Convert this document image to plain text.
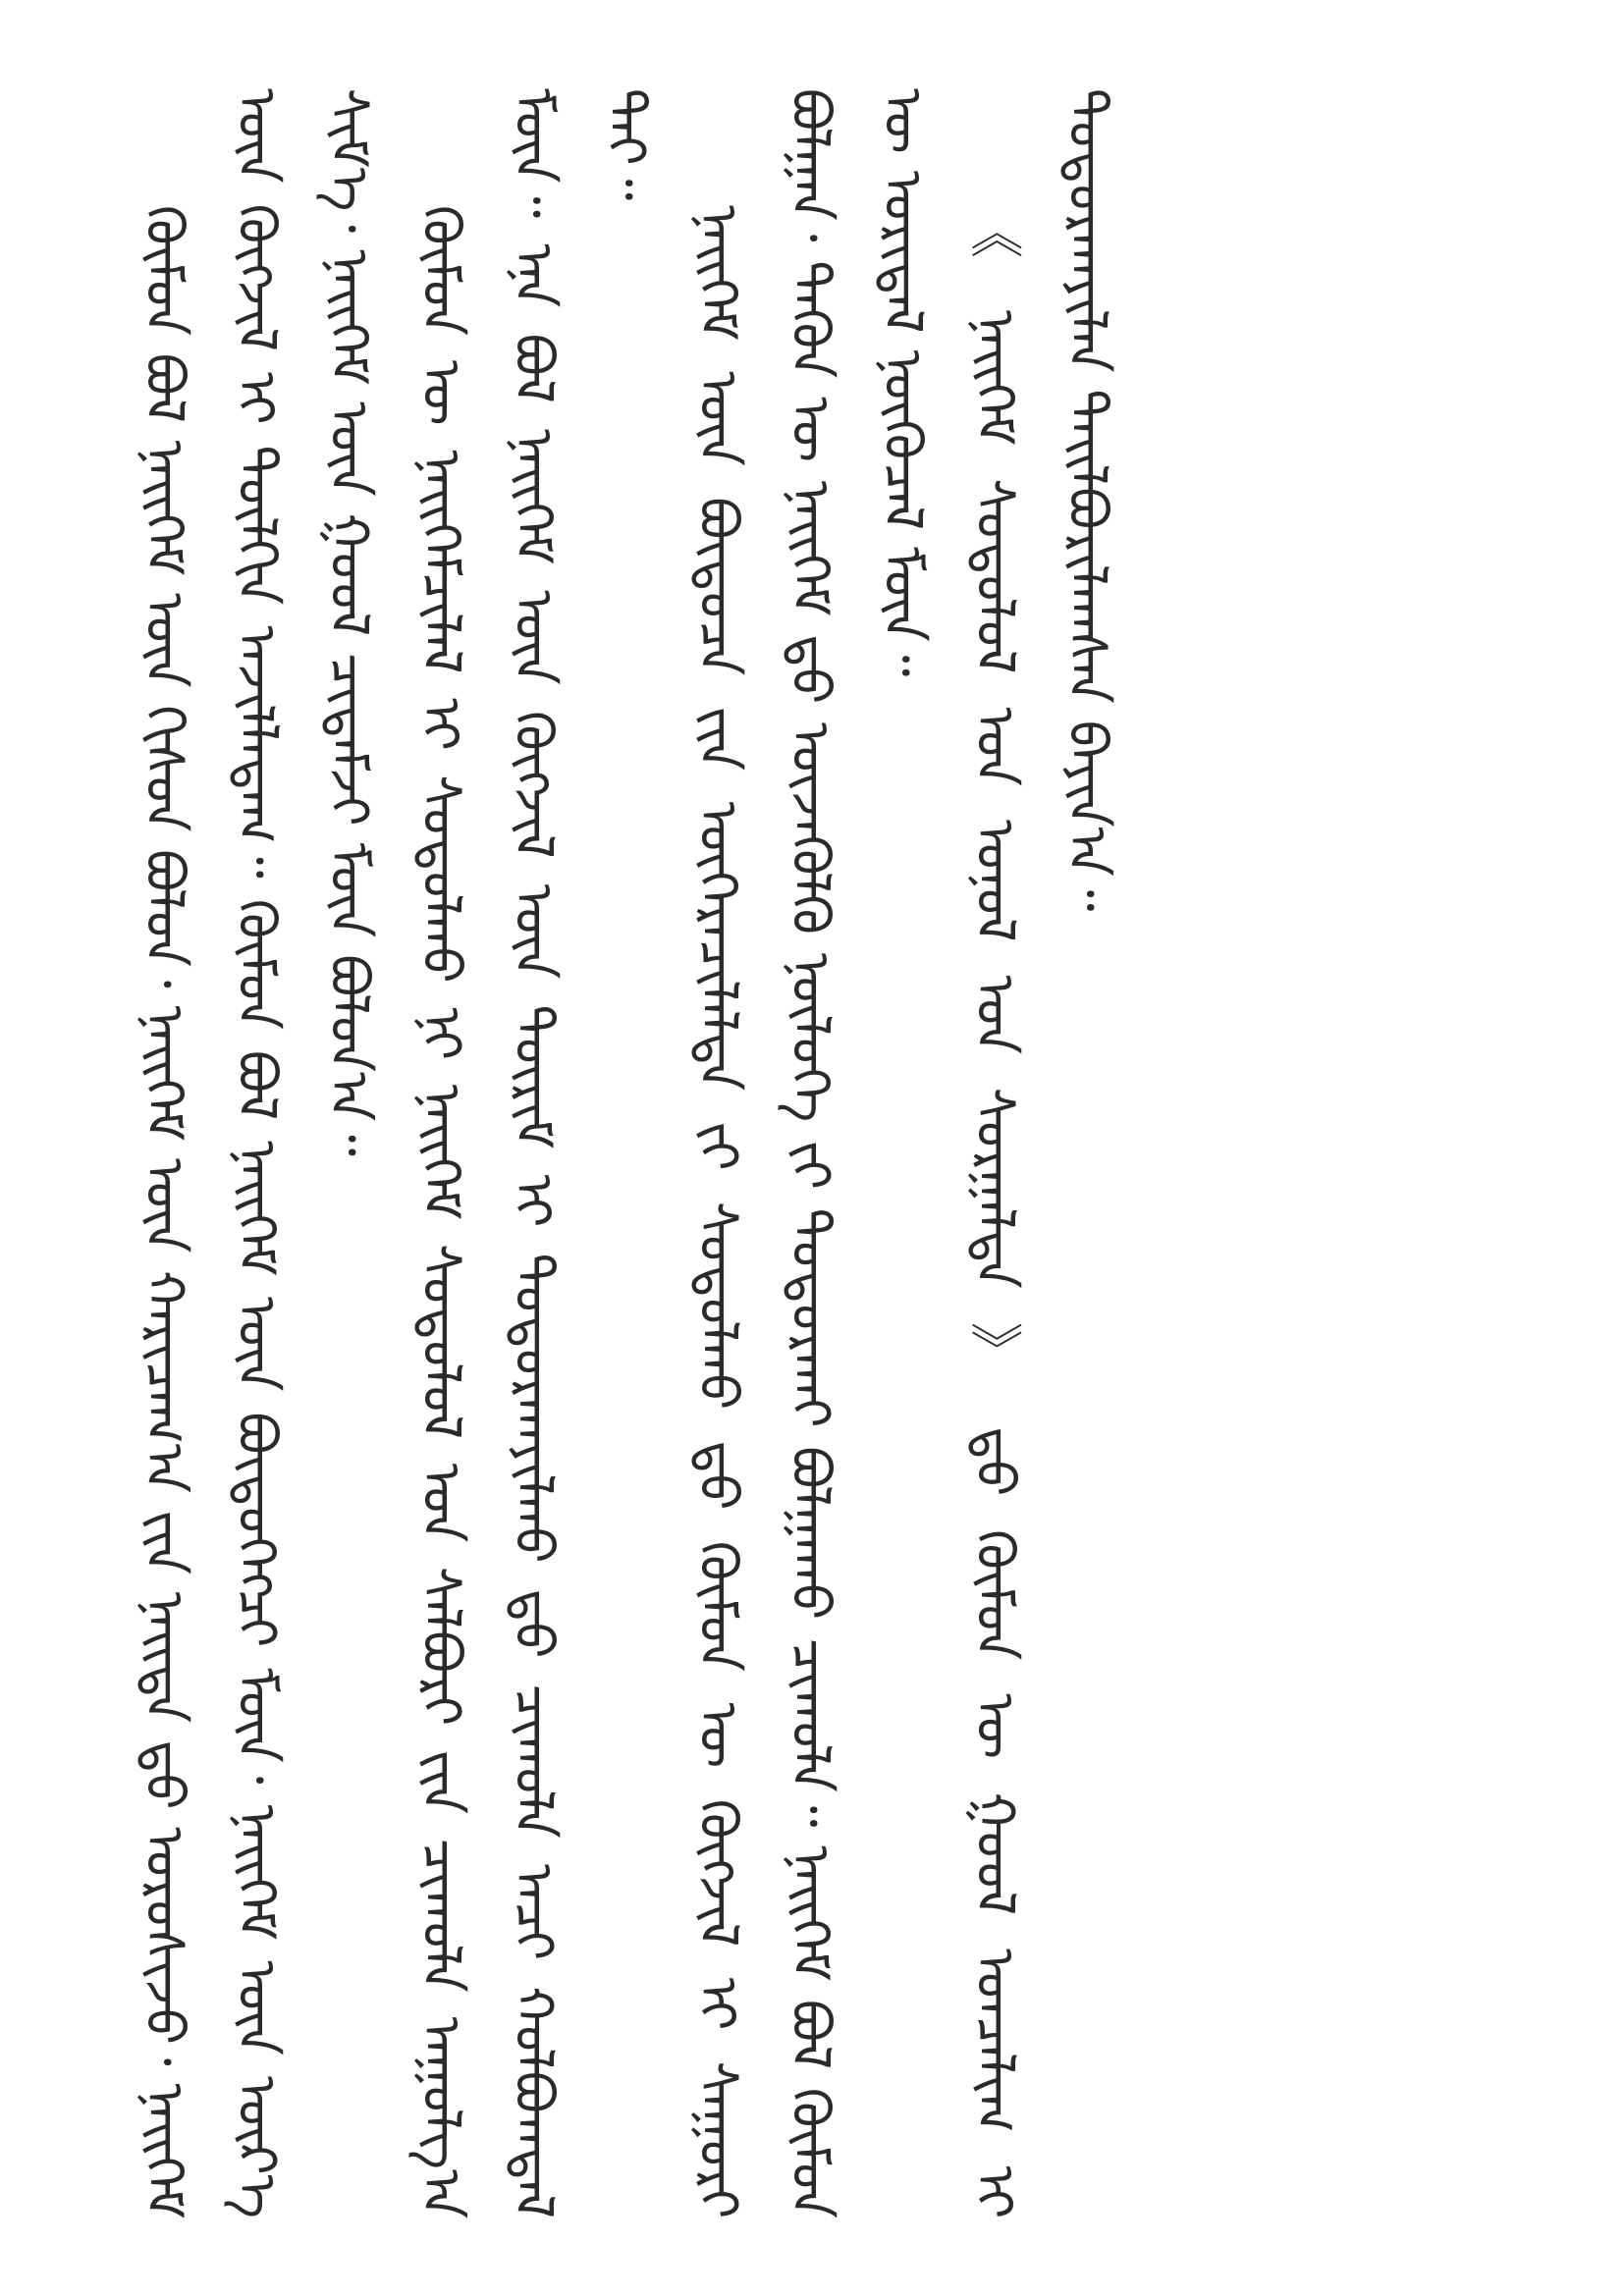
ᠬᠦᠮᠦᠨ ᠪᠣᠯ ᠨᠡᠢᠭᠡᠮ ᠦᠨ ᠭᠢᠰᠦᠨ ᠪᠣᠯᠤᠨ᠂ ᠨᠡᠢᠭᠡᠮ ᠦᠨ ᠬᠠᠷᠢᠴᠠᠭ᠎ᠠ ᠶ᠋ᠢᠨ ᠨᠡᠢᠲᠡ ᠳ᠋ᠦ ᠣᠷᠣᠰᠢᠵᠤ᠂ ᠨᠡᠢᠭᠡᠮ ᠦᠨ ᠬᠦᠭᠵᠢᠯ ᠢ ᠲᠦᠯᠬᠢᠨ ᠠᠵᠢᠯᠯᠠᠳᠠᠭ᠃ ᠬᠦᠮᠦᠨ ᠪᠣᠯ ᠨᠡᠢᠭᠡᠮ ᠦᠨ ᠪᠦᠲᠦᠭᠡᠭᠴᠢ ᠮᠥᠨ᠂ ᠨᠡᠢᠭᠡᠮ ᠦᠨ ᠦᠷ᠎ᠡ ᠰᠢᠮ᠎ᠡ᠂ ᠨᠡᠢᠭᠡᠮ ᠦᠨ ᠭᠣᠣᠯ ᠴᠢᠳᠠᠮᠵᠢ ᠮᠥᠨ ᠪᠣᠯᠤᠨ᠎ᠠ᠃ ᠬᠦᠮᠦᠨ ᠦ ᠨᠡᠢᠭᠡᠮᠴᠢᠯᠡᠯ ᠢ ᠰᠤᠳᠤᠯᠬᠤ ᠨᠢ ᠨᠡᠢᠭᠡᠮ ᠰᠤᠳᠤᠯᠤᠯ ᠤᠨ ᠰᠠᠯᠪᠤᠷᠢ ᠶ᠋ᠢᠨ ᠴᠢᠬᠤᠯᠠ ᠠᠭᠤᠯᠭ᠎ᠠ ᠮᠥᠨ᠃ ᠡᠨᠡ ᠪᠣᠯ ᠨᠡᠢᠭᠡᠮ ᠦᠨ ᠬᠥᠭᠵᠢᠯ ᠦᠨ ᠳᠦᠷᠢᠮ ᠢ ᠲᠣᠳᠣᠷᠬᠠᠶᠢᠯᠬᠤ ᠳ᠋ᠤ ᠴᠢᠬᠤᠯᠠ ᠠᠴᠢ ᠬᠣᠯᠪᠣᠭᠳᠠᠯ ᠲᠠᠢ᠃

ᠨᠡᠢᠭᠡᠮ ᠦᠨ ᠪᠦᠲᠦᠴᠡ ᠶ᠋ᠢᠨ ᠥᠭᠡᠷᠡᠴᠢᠯᠡᠯᠲᠡ ᠶ᠋ᠢ ᠰᠤᠳᠤᠯᠬᠤ ᠳ᠋ᠤ ᠬᠦᠮᠦᠨ ᠦ ᠬᠥᠭᠵᠢᠯ ᠢ ᠰᠠᠭᠤᠷᠢ ᠪᠣᠯᠭᠠᠨ᠂ ᠲᠡᠭᠦᠨ ᠦ ᠨᠡᠢᠭᠡᠮ ᠳ᠋ᠤ ᠦᠵᠡᠭᠦᠯᠬᠦ ᠨᠥᠯᠦᠭᠡ ᠶ᠋ᠢ ᠲᠣᠳᠣᠷᠬᠠᠢ ᠪᠣᠯᠭᠠᠬᠤ ᠴᠢᠬᠤᠯᠠ᠃ ᠨᠡᠢᠭᠡᠮ ᠪᠣᠯ ᠬᠦᠮᠦᠨ ᠦ ᠤᠷᠢᠳᠠᠯ ᠨᠥᠬᠦᠴᠡᠯ ᠮᠥᠨ᠃ 《 ᠨᠡᠢᠭᠡᠮ ᠰᠤᠳᠤᠯᠤᠯ ᠤᠨ ᠣᠨᠣᠯ ᠤᠨ ᠰᠤᠷᠭᠠᠯᠲᠠ 》 ᠳ᠋ᠤ ᠬᠦᠮᠦᠨ ᠦ ᠭᠣᠣᠯ ᠣᠨᠴᠠᠯᠢᠭ ᠢ ᠲᠣᠳᠣᠷᠬᠠᠶᠢᠯᠠᠨ ᠲᠠᠢᠯᠪᠤᠷᠢᠯᠠᠭᠰᠠᠨ ᠪᠠᠶᠢᠨ᠎ᠠ᠃
